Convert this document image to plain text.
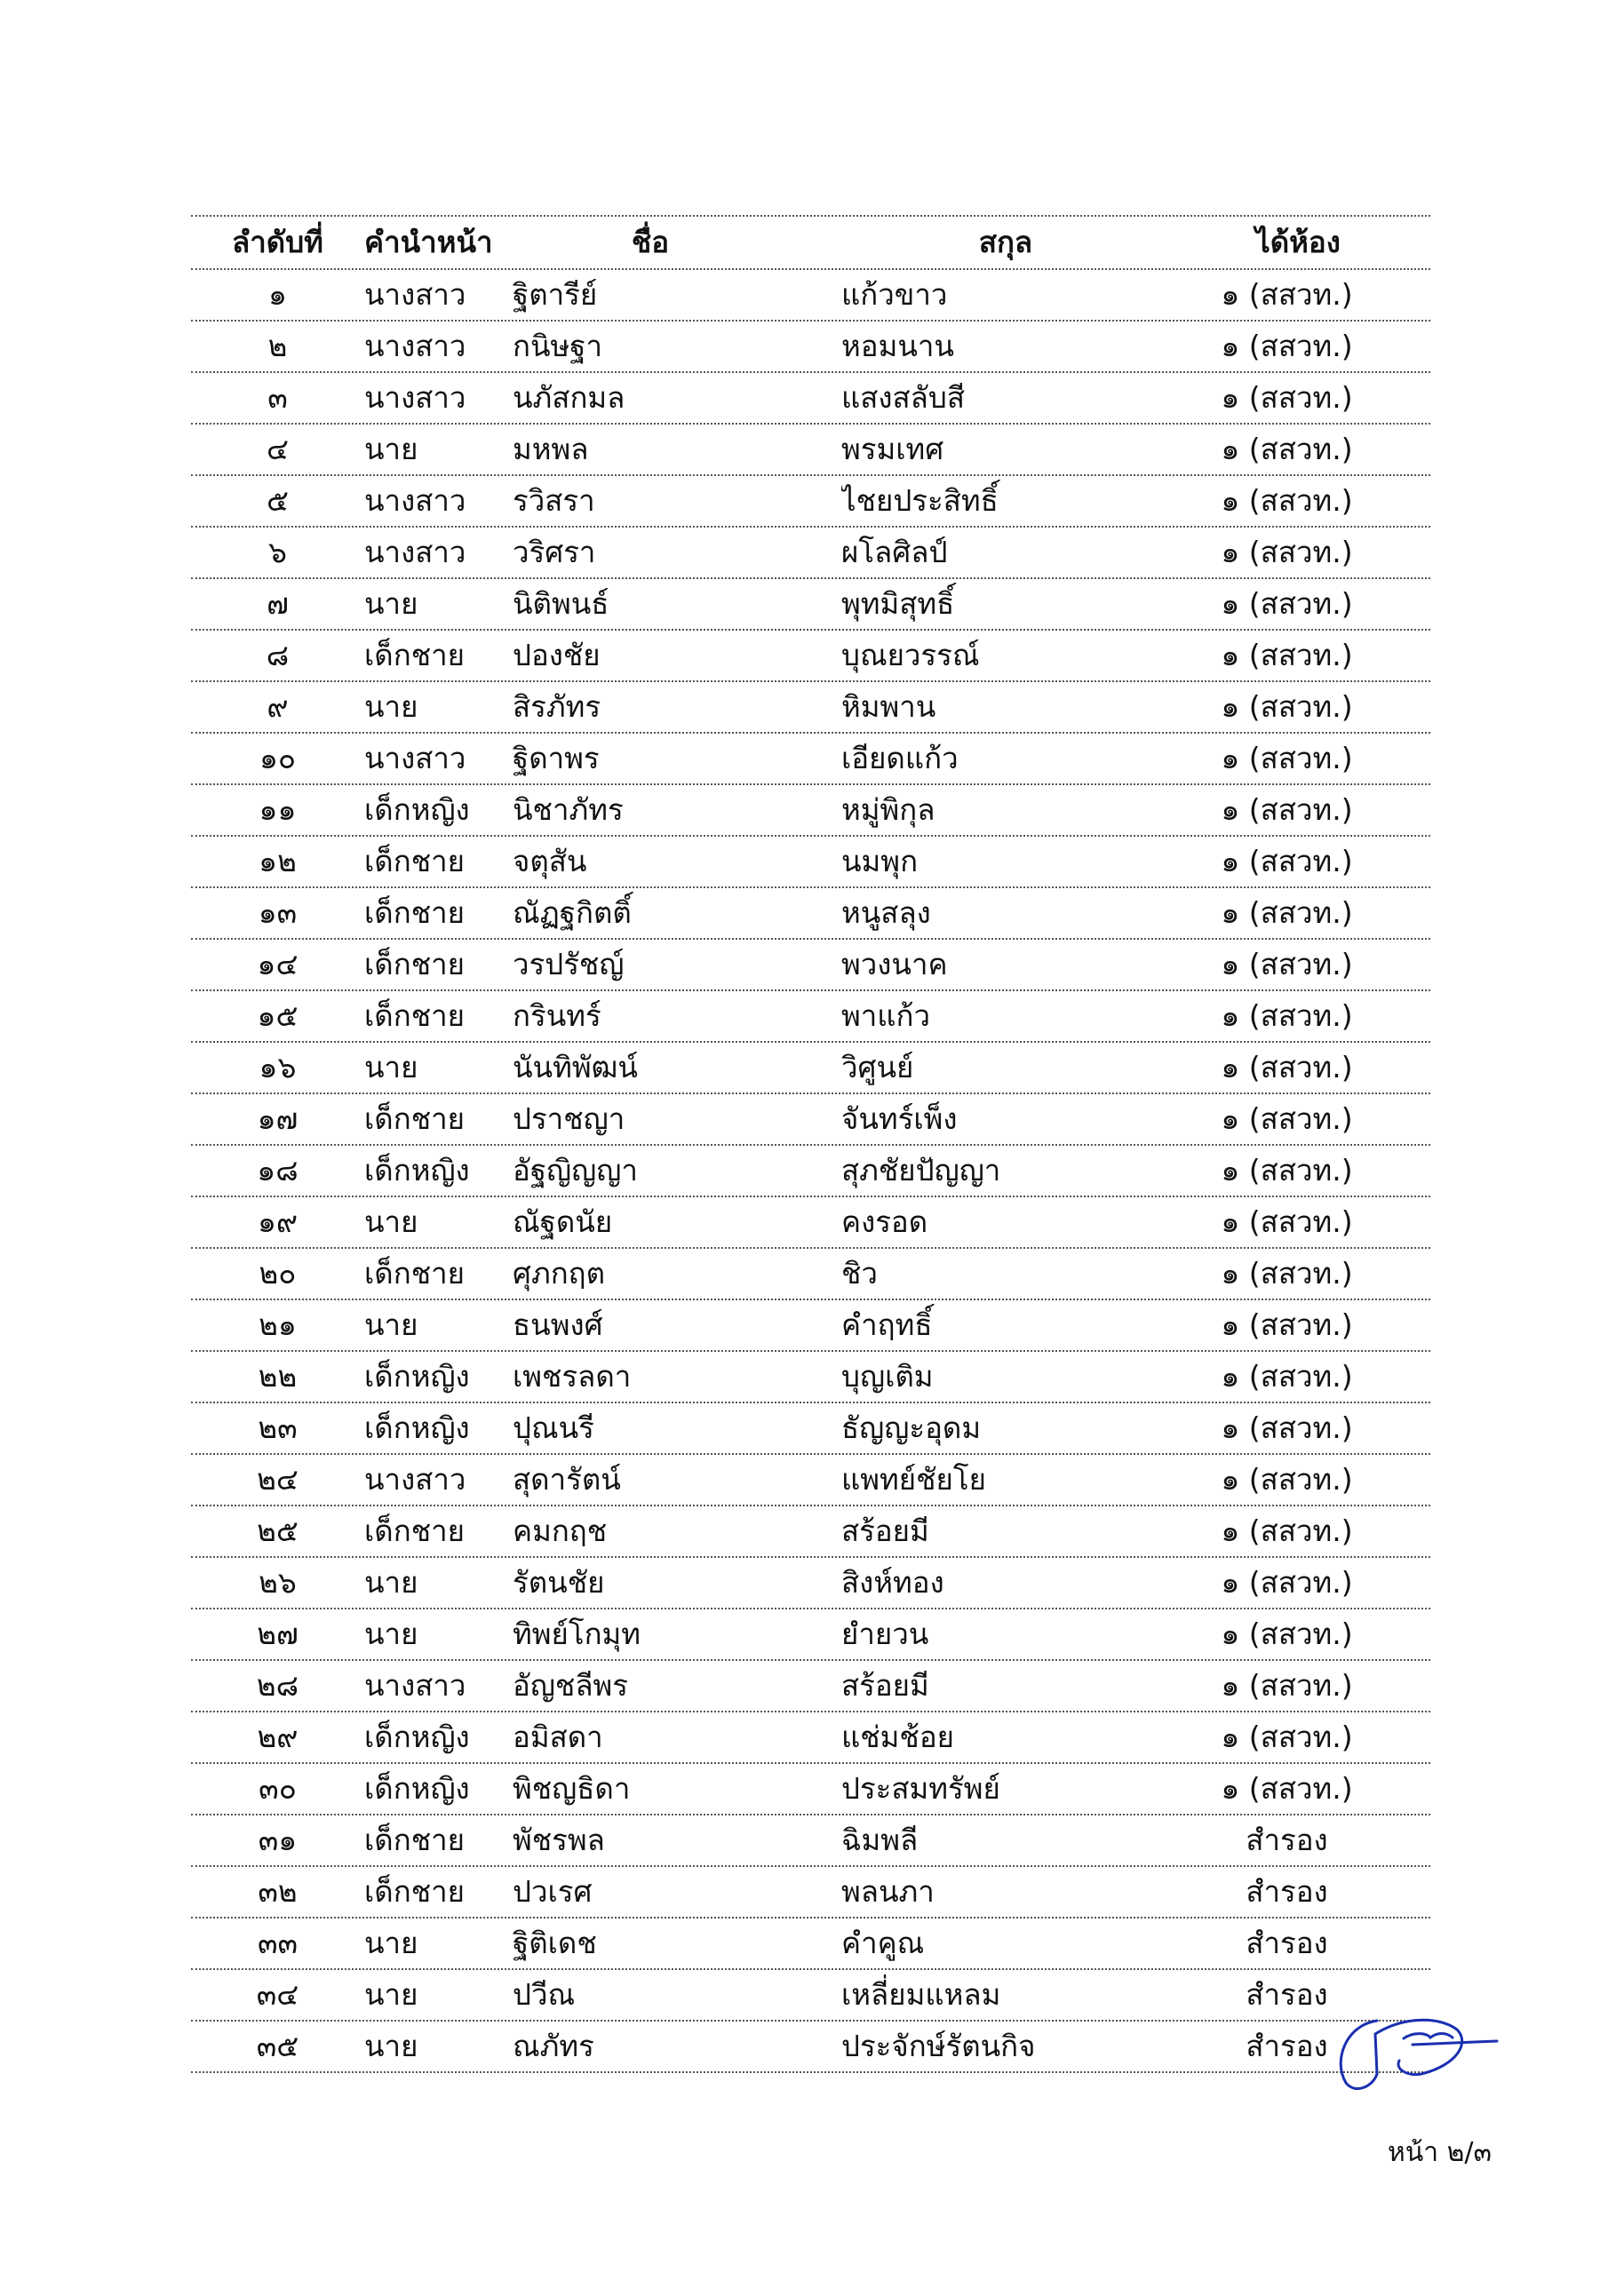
ลำดับที่	คำนำหน้า	ชื่อ	สกุล	ได้ห้อง
๑	นางสาว	ฐิตารีย์	แก้วขาว	๑ (สสวท.)
๒	นางสาว	กนิษฐา	หอมนาน	๑ (สสวท.)
๓	นางสาว	นภัสกมล	แสงสลับสี	๑ (สสวท.)
๔	นาย	มหพล	พรมเทศ	๑ (สสวท.)
๕	นางสาว	รวิสรา	ไชยประสิทธิ์	๑ (สสวท.)
๖	นางสาว	วริศรา	ผโลศิลป์	๑ (สสวท.)
๗	นาย	นิติพนธ์	พุทมิสุทธิ์	๑ (สสวท.)
๘	เด็กชาย	ปองชัย	บุณยวรรณ์	๑ (สสวท.)
๙	นาย	สิรภัทร	หิมพาน	๑ (สสวท.)
๑๐	นางสาว	ฐิดาพร	เอียดแก้ว	๑ (สสวท.)
๑๑	เด็กหญิง	นิชาภัทร	หมู่พิกุล	๑ (สสวท.)
๑๒	เด็กชาย	จตุสัน	นมพุก	๑ (สสวท.)
๑๓	เด็กชาย	ณัฏฐกิตติ์	หนูสลุง	๑ (สสวท.)
๑๔	เด็กชาย	วรปรัชญ์	พวงนาค	๑ (สสวท.)
๑๕	เด็กชาย	กรินทร์	พาแก้ว	๑ (สสวท.)
๑๖	นาย	นันทิพัฒน์	วิศูนย์	๑ (สสวท.)
๑๗	เด็กชาย	ปราชญา	จันทร์เพ็ง	๑ (สสวท.)
๑๘	เด็กหญิง	อัฐญิญญา	สุภชัยปัญญา	๑ (สสวท.)
๑๙	นาย	ณัฐดนัย	คงรอด	๑ (สสวท.)
๒๐	เด็กชาย	ศุภกฤต	ชิว	๑ (สสวท.)
๒๑	นาย	ธนพงศ์	คำฤทธิ์	๑ (สสวท.)
๒๒	เด็กหญิง	เพชรลดา	บุญเติม	๑ (สสวท.)
๒๓	เด็กหญิง	ปุณนรี	ธัญญะอุดม	๑ (สสวท.)
๒๔	นางสาว	สุดารัตน์	แพทย์ชัยโย	๑ (สสวท.)
๒๕	เด็กชาย	คมกฤช	สร้อยมี	๑ (สสวท.)
๒๖	นาย	รัตนชัย	สิงห์ทอง	๑ (สสวท.)
๒๗	นาย	ทิพย์โกมุท	ยำยวน	๑ (สสวท.)
๒๘	นางสาว	อัญชลีพร	สร้อยมี	๑ (สสวท.)
๒๙	เด็กหญิง	อมิสดา	แช่มช้อย	๑ (สสวท.)
๓๐	เด็กหญิง	พิชญธิดา	ประสมทรัพย์	๑ (สสวท.)
๓๑	เด็กชาย	พัชรพล	ฉิมพลี	สำรอง
๓๒	เด็กชาย	ปวเรศ	พลนภา	สำรอง
๓๓	นาย	ฐิติเดช	คำคูณ	สำรอง
๓๔	นาย	ปวีณ	เหลี่ยมแหลม	สำรอง
๓๕	นาย	ณภัทร	ประจักษ์รัตนกิจ	สำรอง
หน้า ๒/๓
